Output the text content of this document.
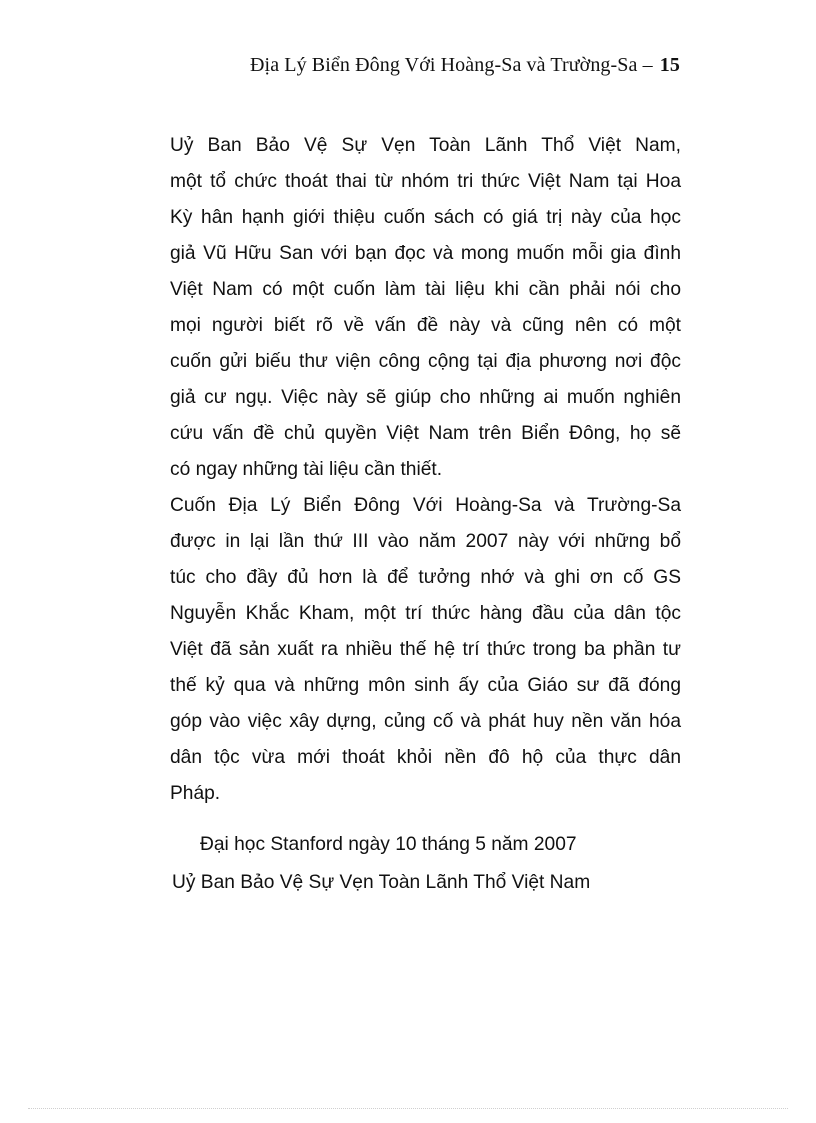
Địa Lý Biển Đông Với Hoàng-Sa và Trường-Sa – 15

Uỷ Ban Bảo Vệ Sự Vẹn Toàn Lãnh Thổ Việt Nam,
một tổ chức thoát thai từ nhóm tri thức Việt Nam tại Hoa
Kỳ hân hạnh giới thiệu cuốn sách có giá trị này của học
giả Vũ Hữu San với bạn đọc và mong muốn mỗi gia đình
Việt Nam có một cuốn làm tài liệu khi cần phải nói cho
mọi người biết rõ về vấn đề này và cũng nên có một
cuốn gửi biếu thư viện công cộng tại địa phương nơi độc
giả cư ngụ. Việc này sẽ giúp cho những ai muốn nghiên
cứu vấn đề chủ quyền Việt Nam trên Biển Đông, họ sẽ
có ngay những tài liệu cần thiết.

Cuốn Địa Lý Biển Đông Với Hoàng-Sa và Trường-Sa
được in lại lần thứ III vào năm 2007 này với những bổ
túc cho đầy đủ hơn là để tưởng nhớ và ghi ơn cố GS
Nguyễn Khắc Kham, một trí thức hàng đầu của dân tộc
Việt đã sản xuất ra nhiều thế hệ trí thức trong ba phần tư
thế kỷ qua và những môn sinh ấy của Giáo sư đã đóng
góp vào việc xây dựng, củng cố và phát huy nền văn hóa
dân tộc vừa mới thoát khỏi nền đô hộ của thực dân
Pháp.

Đại học Stanford ngày 10 tháng 5 năm 2007
Uỷ Ban Bảo Vệ Sự Vẹn Toàn Lãnh Thổ Việt Nam
